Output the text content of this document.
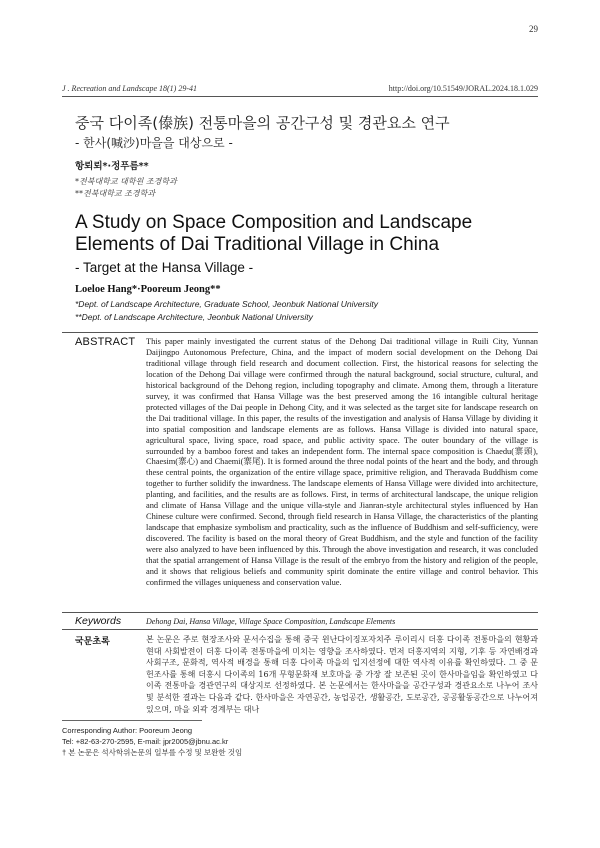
29
J . Recreation and Landscape 18(1) 29-41	http://doi.org/10.51549/JORAL.2024.18.1.029
중국 다이족(傣族) 전통마을의 공간구성 및 경관요소 연구
- 한사(喊沙)마을을 대상으로 -
항뢰뢰*·정푸름**
*전북대학교 대학원 조경학과
**전북대학교 조경학과
A Study on Space Composition and Landscape Elements of Dai Traditional Village in China
- Target at the Hansa Village -
Loeloe Hang*·Pooreum Jeong**
*Dept. of Landscape Architecture, Graduate School, Jeonbuk National University
**Dept. of Landscape Architecture, Jeonbuk National University
ABSTRACT This paper mainly investigated the current status of the Dehong Dai traditional village in Ruili City, Yunnan Daijingpo Autonomous Prefecture, China, and the impact of modern social development on the Dehong Dai traditional village through field research and document collection. First, the historical reasons for selecting the location of the Dehong Dai village were confirmed through the natural background, social structure, cultural, and historical background of the Dehong region, including topography and climate. Among them, through a literature survey, it was confirmed that Hansa Village was the best preserved among the 16 intangible cultural heritage protected villages of the Dai people in Dehong City, and it was selected as the target site for landscape research on the Dai traditional village. In this paper, the results of the investigation and analysis of Hansa Village by dividing it into spatial composition and landscape elements are as follows. Hansa Village is divided into natural space, agricultural space, living space, road space, and public activity space. The outer boundary of the village is surrounded by a bamboo forest and takes an independent form. The internal space composition is Chaedu(寨頭), Chaesim(寨心) and Chaemi(寨尾). It is formed around the three nodal points of the heart and the body, and through these central points, the organization of the entire village space, primitive religion, and Theravada Buddhism come together to further solidify the inwardness. The landscape elements of Hansa Village were divided into architecture, planting, and facilities, and the results are as follows. First, in terms of architectural landscape, the unique religion and climate of Hansa Village and the unique villa-style and Jianran-style architectural styles influenced by Han Chinese culture were confirmed. Second, through field research in Hansa Village, the characteristics of the planting landscape that emphasize symbolism and practicality, such as the influence of Buddhism and self-sufficiency, were discovered. The facility is based on the moral theory of Great Buddhism, and the style and function of the facility were also analyzed to have been influenced by this. Through the above investigation and research, it was concluded that the spatial arrangement of Hansa Village is the result of the embryo from the history and religion of the people, and it shows that religious beliefs and community spirit dominate the entire village and control behavior. This confirmed the villages uniqueness and conservation value.
Keywords	Dehong Dai, Hansa Village, Village Space Composition, Landscape Elements
국문초록	본 논문은 주로 현장조사와 문서수집을 통해 중국 윈난다이징포자치주 루이리시 더홍 다이족 전통마을의 현황과 현대 사회발전이 더홍 다이족 전통마을에 미치는 영향을 조사하였다. 먼저 더홍지역의 지형, 기후 등 자연배경과 사회구조, 문화적, 역사적 배경을 통해 더홍 다이족 마을의 입지선정에 대한 역사적 이유를 확인하였다. 그 중 문헌조사를 통해 더홍시 다이족의 16개 무형문화재 보호마을 중 가장 잘 보존된 곳이 한사마을임을 확인하였고 다이족 전통마을 경관연구의 대상지로 선정하였다. 본 논문에서는 한사마을을 공간구성과 경관요소로 나누어 조사 및 분석한 결과는 다음과 같다. 한사마을은 자연공간, 농업공간, 생활공간, 도로공간, 공공활동공간으로 나누어져 있으며, 마을 외곽 경계부는 대나
Corresponding Author: Pooreum Jeong
Tel: +82-63-270-2595, E-mail: jpr2005@jbnu.ac.kr
† 본 논문은 석사학위논문의 일부를 수정 및 보완한 것임
